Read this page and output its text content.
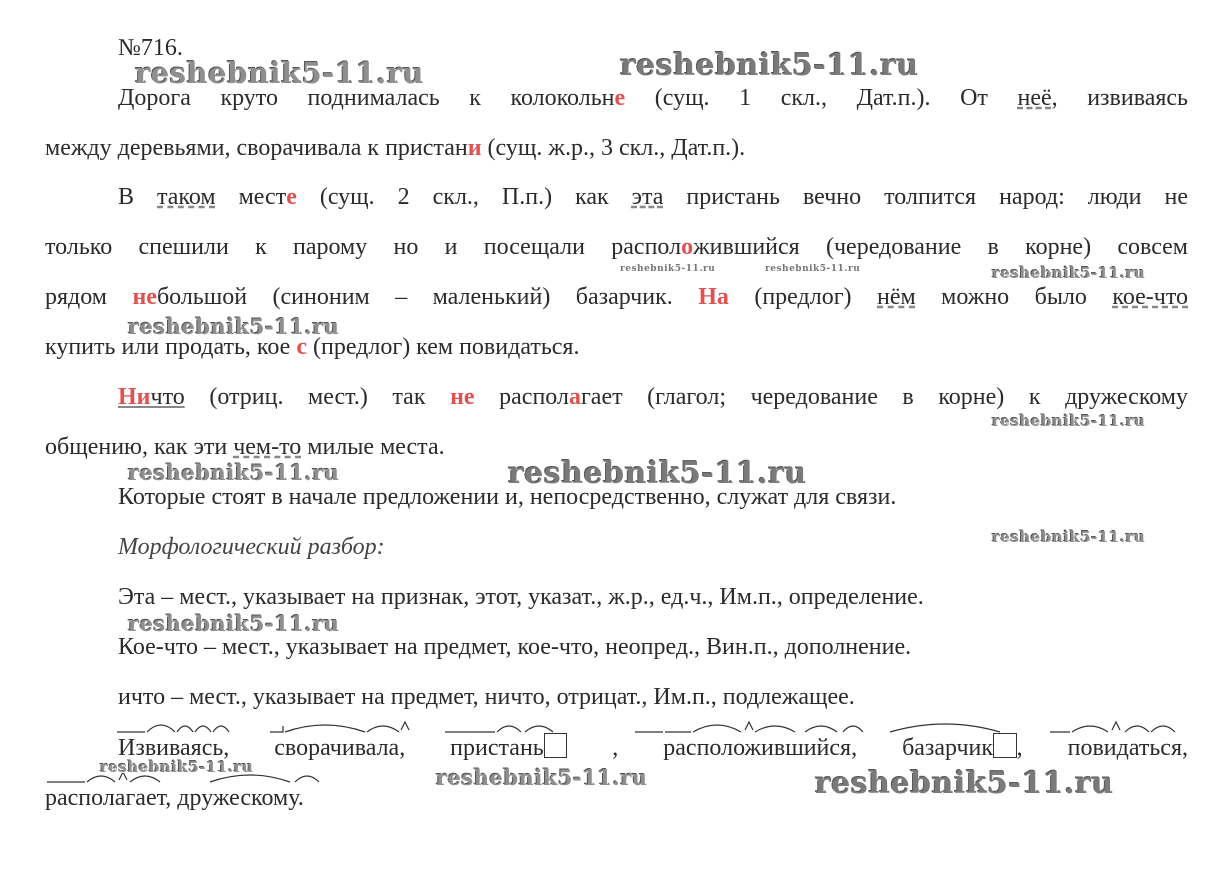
№716.
Дорога круто поднималась к колокольне (сущ. 1 скл., Дат.п.). От неё, извиваясь
между деревьями, сворачивала к пристани (сущ. ж.р., 3 скл., Дат.п.).
В таком месте (сущ. 2 скл., П.п.) как эта пристань вечно толпится народ: люди не
только спешили к парому но и посещали расположившийся (чередование в корне) совсем
рядом небольшой (синоним – маленький) базарчик. На (предлог) нём можно было кое-что
купить или продать, кое с (предлог) кем повидаться.
Ничто (отриц. мест.) так не располагает (глагол; чередование в корне) к дружескому
общению, как эти чем-то милые места.
Которые стоят в начале предложении и, непосредственно, служат для связи.
Морфологический разбор:
Эта – мест., указывает на признак, этот, указат., ж.р., ед.ч., Им.п., определение.
Кое-что – мест., указывает на предмет, кое-что, неопред., Вин.п., дополнение.
ичто – мест., указывает на предмет, ничто, отрицат., Им.п., подлежащее.
Извиваясь, сворачивала, пристань	, расположившийся, базарчик , повидаться,
располагает, дружескому.
reshebnik5-11.ru	reshebnik5-11.ru
reshebnik5-11.ru	reshebnik5-11.ru	reshebnik5-11.ru
reshebnik5-11.ru
reshebnik5-11.ru
reshebnik5-11.ru	reshebnik5-11.ru
reshebnik5-11.ru
reshebnik5-11.ru
reshebnik5-11.ru	reshebnik5-11.ru	reshebnik5-11.ru
